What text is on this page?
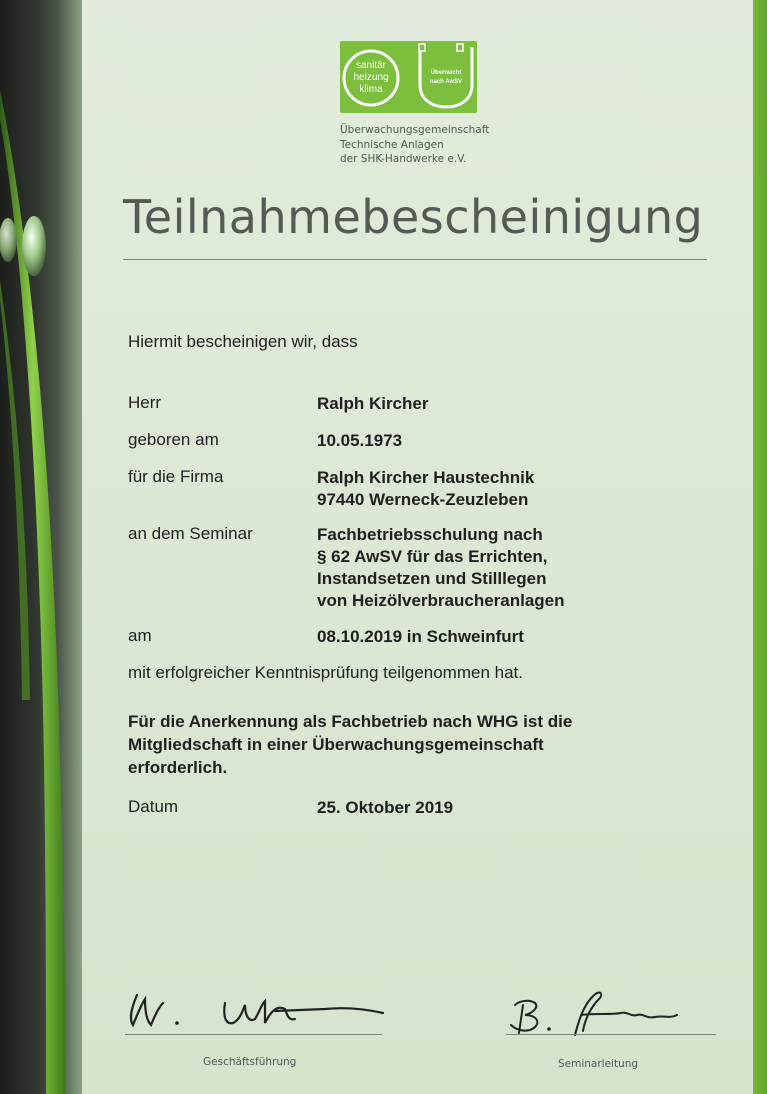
sanitär
heizung
klima
Überwacht
nach AwSV
Überwachungsgemeinschaft
Technische Anlagen
der SHK-Handwerke e.V.
Teilnahmebescheinigung
Hiermit bescheinigen wir, dass
Herr	Ralph Kircher
geboren am	10.05.1973
für die Firma	Ralph Kircher Haustechnik
97440 Werneck-Zeuzleben
an dem Seminar	Fachbetriebsschulung nach
§ 62 AwSV für das Errichten,
Instandsetzen und Stilllegen
von Heizölverbraucheranlagen
am	08.10.2019 in Schweinfurt
mit erfolgreicher Kenntnisprüfung teilgenommen hat.
Für die Anerkennung als Fachbetrieb nach WHG ist die
Mitgliedschaft in einer Überwachungsgemeinschaft
erforderlich.
Datum	25. Oktober 2019
Geschäftsführung	Seminarleitung
